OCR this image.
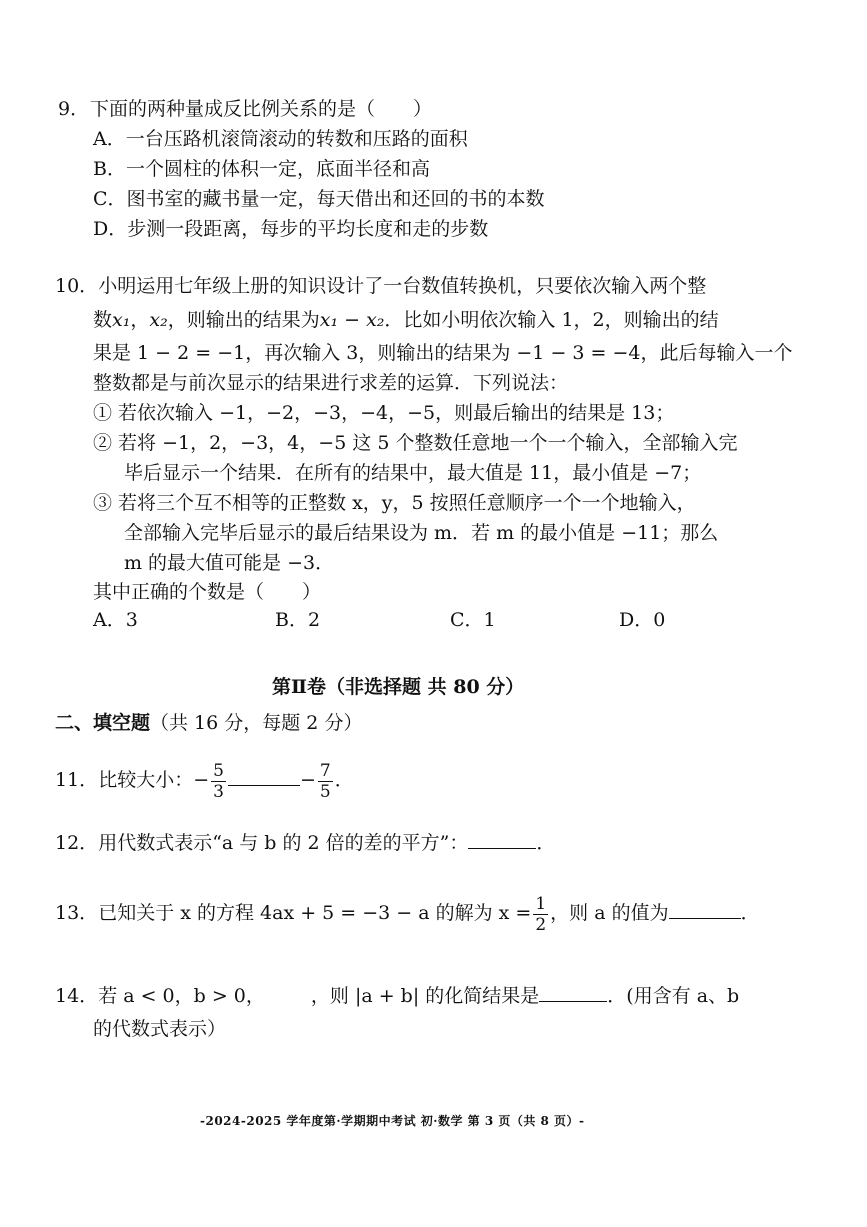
9．下面的两种量成反比例关系的是（　　）
A．一台压路机滚筒滚动的转数和压路的面积
B．一个圆柱的体积一定，底面半径和高
C．图书室的藏书量一定，每天借出和还回的书的本数
D．步测一段距离，每步的平均长度和走的步数
10．小明运用七年级上册的知识设计了一台数值转换机，只要依次输入两个整
数x₁，x₂，则输出的结果为x₁ − x₂．比如小明依次输入 1，2，则输出的结
果是 1 − 2 = −1，再次输入 3，则输出的结果为 −1 − 3 = −4，此后每输入一个
整数都是与前次显示的结果进行求差的运算．下列说法：
① 若依次输入 −1，−2，−3，−4，−5，则最后输出的结果是 13；
② 若将 −1，2，−3，4，−5 这 5 个整数任意地一个一个输入，全部输入完
毕后显示一个结果．在所有的结果中，最大值是 11，最小值是 −7；
③ 若将三个互不相等的正整数 x，y，5 按照任意顺序一个一个地输入，
全部输入完毕后显示的最后结果设为 m．若 m 的最小值是 −11；那么
m 的最大值可能是 −3．
其中正确的个数是（　　）
A．3	B．2	C．1	D．0
第Ⅱ卷（非选择题 共 80 分）
二、填空题（共 16 分，每题 2 分）
11．比较大小：− $\frac{5}{3}$	− $\frac{7}{5}$ ．
12．用代数式表示“a 与 b 的 2 倍的差的平方”：	．
13．已知关于 x 的方程 4ax + 5 = −3 − a 的解为 $x = \frac{1}{2}$ ，则 a 的值为	．
14．若 a < 0，b > 0， ，则 |a + b| 的化简结果是	．(用含有 a、b
的代数式表示）
-2024-2025 学年度第·学期期中考试 初·数学 第 3 页（共 8 页）-
